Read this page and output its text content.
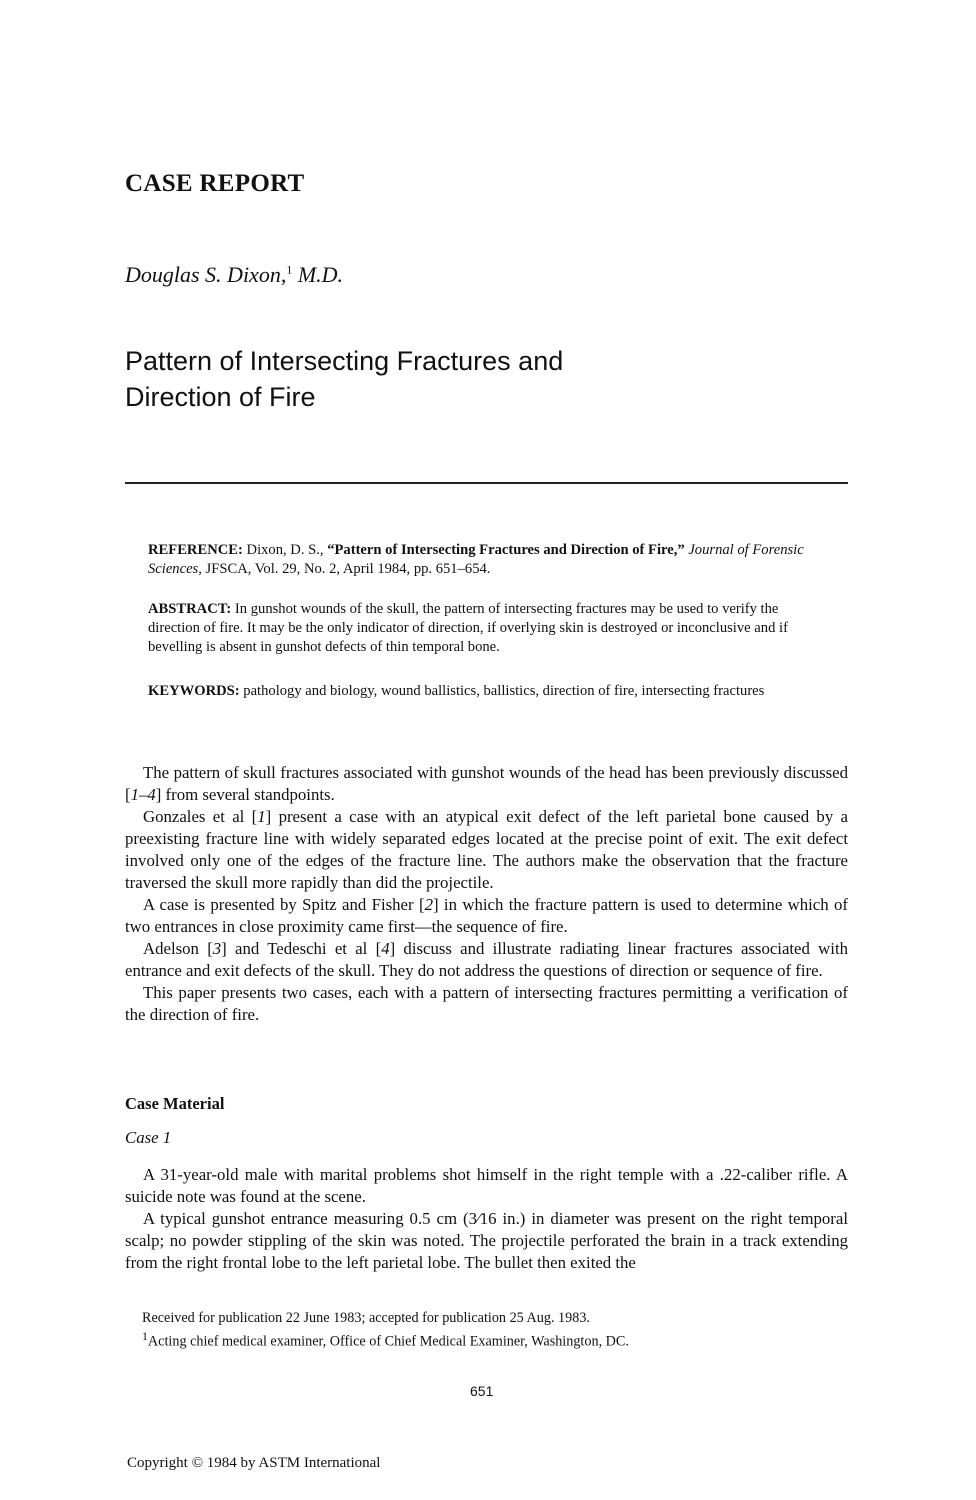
CASE REPORT
Douglas S. Dixon,$^1$ M.D.
Pattern of Intersecting Fractures and
Direction of Fire
REFERENCE: Dixon, D. S., “Pattern of Intersecting Fractures and Direction of Fire,” Journal of Forensic Sciences, JFSCA, Vol. 29, No. 2, April 1984, pp. 651–654.
ABSTRACT: In gunshot wounds of the skull, the pattern of intersecting fractures may be used to verify the direction of fire. It may be the only indicator of direction, if overlying skin is destroyed or inconclusive and if bevelling is absent in gunshot defects of thin temporal bone.
KEYWORDS: pathology and biology, wound ballistics, ballistics, direction of fire, intersecting fractures

The pattern of skull fractures associated with gunshot wounds of the head has been previously discussed [1–4] from several standpoints.

Gonzales et al [1] present a case with an atypical exit defect of the left parietal bone caused by a preexisting fracture line with widely separated edges located at the precise point of exit. The exit defect involved only one of the edges of the fracture line. The authors make the observation that the fracture traversed the skull more rapidly than did the projectile.

A case is presented by Spitz and Fisher [2] in which the fracture pattern is used to determine which of two entrances in close proximity came first—the sequence of fire.

Adelson [3] and Tedeschi et al [4] discuss and illustrate radiating linear fractures associated with entrance and exit defects of the skull. They do not address the questions of direction or sequence of fire.

This paper presents two cases, each with a pattern of intersecting fractures permitting a verification of the direction of fire.

Case Material
Case 1

A 31-year-old male with marital problems shot himself in the right temple with a .22-caliber rifle. A suicide note was found at the scene.

A typical gunshot entrance measuring 0.5 cm (3⁄16 in.) in diameter was present on the right temporal scalp; no powder stippling of the skin was noted. The projectile perforated the brain in a track extending from the right frontal lobe to the left parietal lobe. The bullet then exited the

Received for publication 22 June 1983; accepted for publication 25 Aug. 1983.
$^1$Acting chief medical examiner, Office of Chief Medical Examiner, Washington, DC.
651
Copyright © 1984 by ASTM International
